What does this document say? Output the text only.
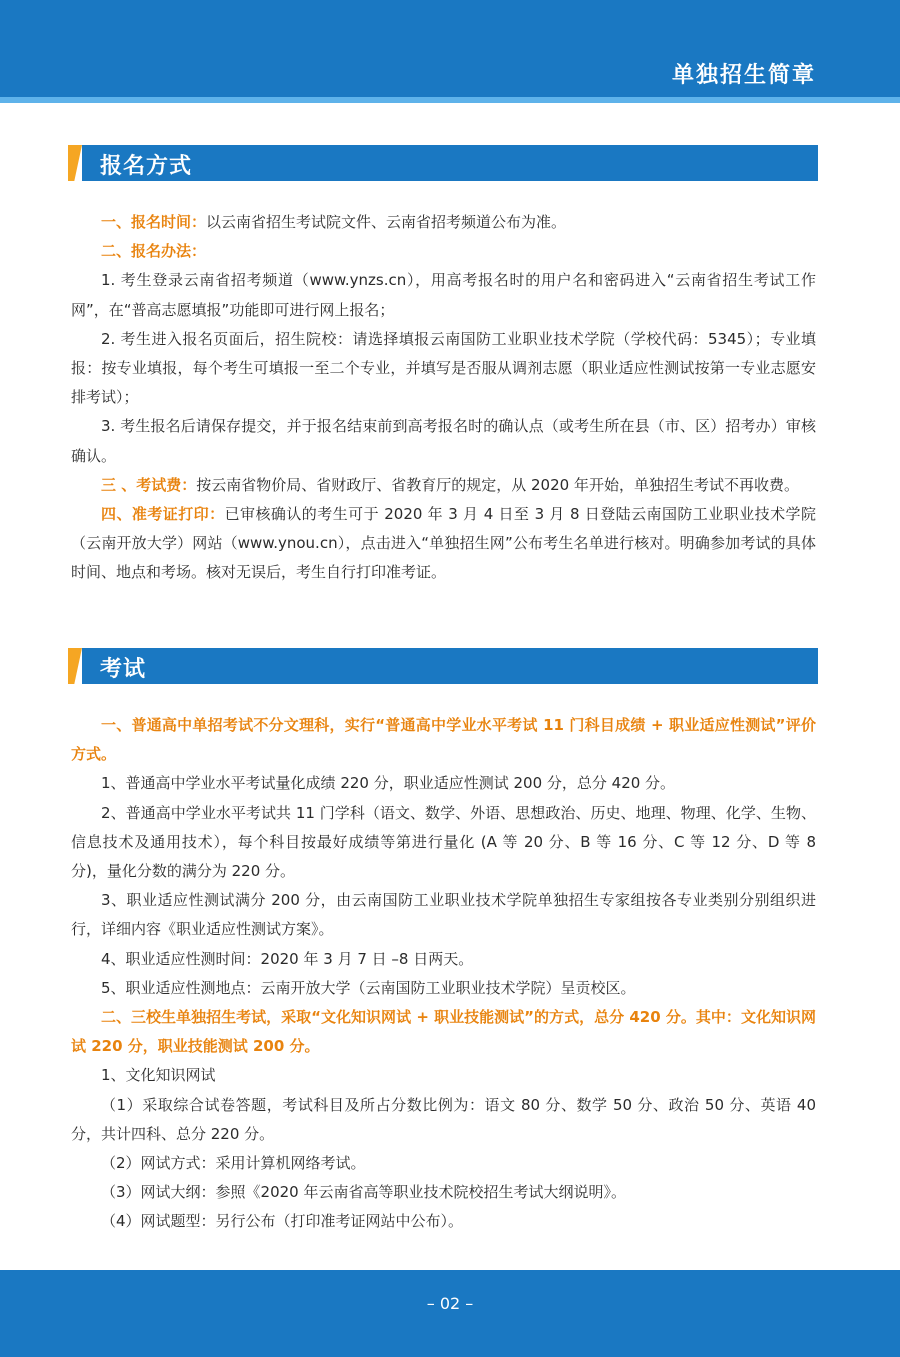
单独招生简章
报名方式

一、报名时间：以云南省招生考试院文件、云南省招考频道公布为准。

二、报名办法：

1. 考生登录云南省招考频道（www.ynzs.cn），用高考报名时的用户名和密码进入“云南省招生考试工作网”，在“普高志愿填报”功能即可进行网上报名；

2. 考生进入报名页面后，招生院校：请选择填报云南国防工业职业技术学院（学校代码：5345）；专业填报：按专业填报，每个考生可填报一至二个专业，并填写是否服从调剂志愿（职业适应性测试按第一专业志愿安排考试）；

3. 考生报名后请保存提交，并于报名结束前到高考报名时的确认点（或考生所在县（市、区）招考办）审核确认。

三 、考试费：按云南省物价局、省财政厅、省教育厅的规定，从 2020 年开始，单独招生考试不再收费。

四、准考证打印：已审核确认的考生可于 2020 年 3 月 4 日至 3 月 8 日登陆云南国防工业职业技术学院（云南开放大学）网站（www.ynou.cn），点击进入“单独招生网”公布考生名单进行核对。明确参加考试的具体时间、地点和考场。核对无误后，考生自行打印准考证。

考试

一、普通高中单招考试不分文理科，实行“普通高中学业水平考试 11 门科目成绩 + 职业适应性测试”评价方式。

1、普通高中学业水平考试量化成绩 220 分，职业适应性测试 200 分，总分 420 分。

2、普通高中学业水平考试共 11 门学科（语文、数学、外语、思想政治、历史、地理、物理、化学、生物、信息技术及通用技术），每个科目按最好成绩等第进行量化 (A 等 20 分、B 等 16 分、C 等 12 分、D 等 8 分)，量化分数的满分为 220 分。

3、职业适应性测试满分 200 分，由云南国防工业职业技术学院单独招生专家组按各专业类别分别组织进行，详细内容《职业适应性测试方案》。

4、职业适应性测时间：2020 年 3 月 7 日 –8 日两天。

5、职业适应性测地点：云南开放大学（云南国防工业职业技术学院）呈贡校区。

二、三校生单独招生考试，采取“文化知识网试 + 职业技能测试”的方式，总分 420 分。其中：文化知识网试 220 分，职业技能测试 200 分。

1、文化知识网试

（1）采取综合试卷答题，考试科目及所占分数比例为：语文 80 分、数学 50 分、政治 50 分、英语 40 分，共计四科、总分 220 分。

（2）网试方式：采用计算机网络考试。

（3）网试大纲：参照《2020 年云南省高等职业技术院校招生考试大纲说明》。

（4）网试题型：另行公布（打印准考证网站中公布）。

– 02 –
